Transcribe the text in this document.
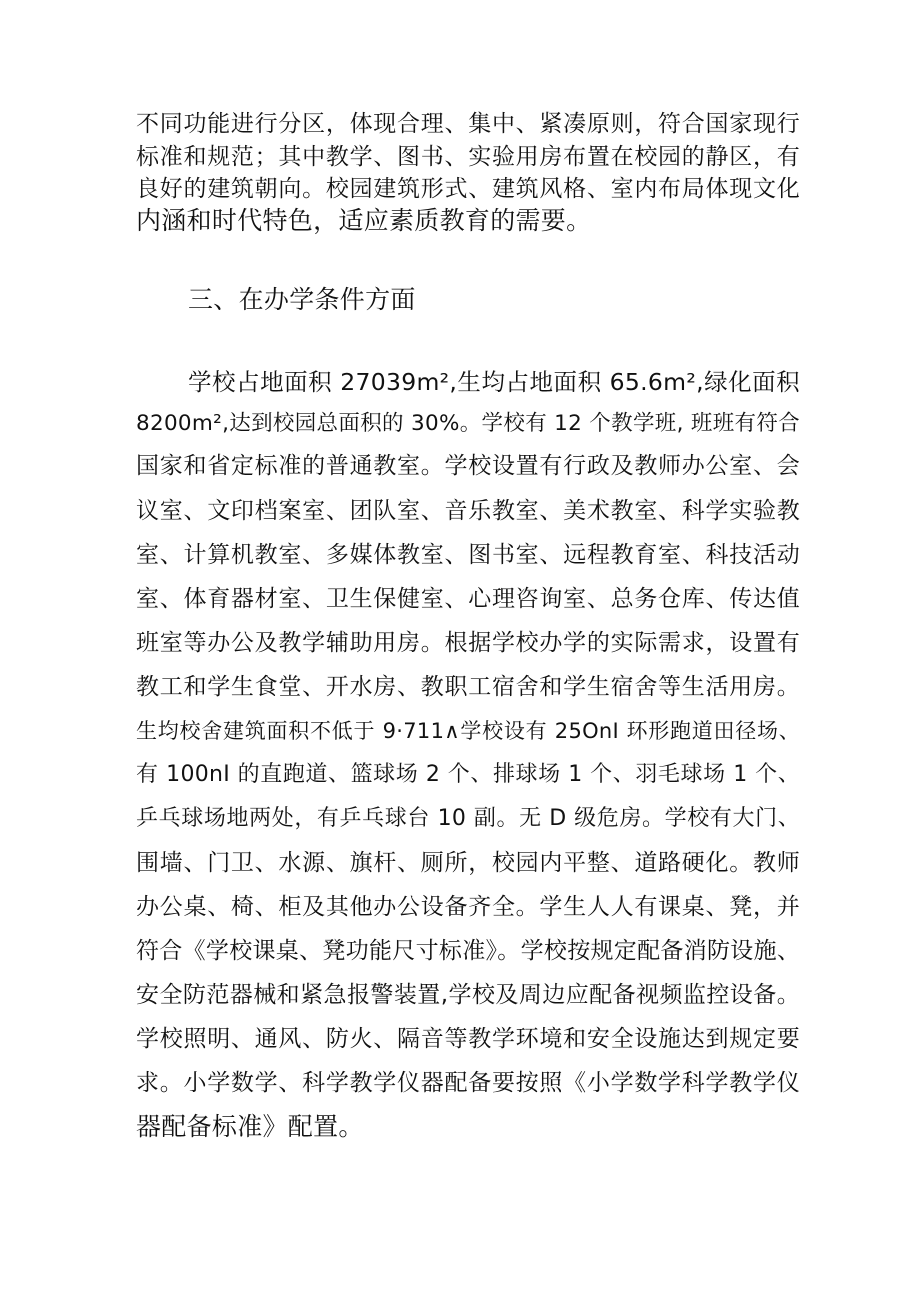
不同功能进行分区，体现合理、集中、紧凑原则，符合国家现行
标准和规范；其中教学、图书、实验用房布置在校园的静区，有
良好的建筑朝向。校园建筑形式、建筑风格、室内布局体现文化
内涵和时代特色，适应素质教育的需要。
三、在办学条件方面
学校占地面积 27039m²,生均占地面积 65.6m²,绿化面积
8200m²,达到校园总面积的 30%。学校有 12 个教学班, 班班有符合
国家和省定标准的普通教室。学校设置有行政及教师办公室、会
议室、文印档案室、团队室、音乐教室、美术教室、科学实验教
室、计算机教室、多媒体教室、图书室、远程教育室、科技活动
室、体育器材室、卫生保健室、心理咨询室、总务仓库、传达值
班室等办公及教学辅助用房。根据学校办学的实际需求，设置有
教工和学生食堂、开水房、教职工宿舍和学生宿舍等生活用房。
生均校舍建筑面积不低于 9·711∧学校设有 25OnI 环形跑道田径场、
有 100nI 的直跑道、篮球场 2 个、排球场 1 个、羽毛球场 1 个、
乒乓球场地两处，有乒乓球台 10 副。无 D 级危房。学校有大门、
围墙、门卫、水源、旗杆、厕所，校园内平整、道路硬化。教师
办公桌、椅、柜及其他办公设备齐全。学生人人有课桌、凳，并
符合《学校课桌、凳功能尺寸标准》。学校按规定配备消防设施、
安全防范器械和紧急报警装置,学校及周边应配备视频监控设备。
学校照明、通风、防火、隔音等教学环境和安全设施达到规定要
求。小学数学、科学教学仪器配备要按照《小学数学科学教学仪
器配备标准》配置。
